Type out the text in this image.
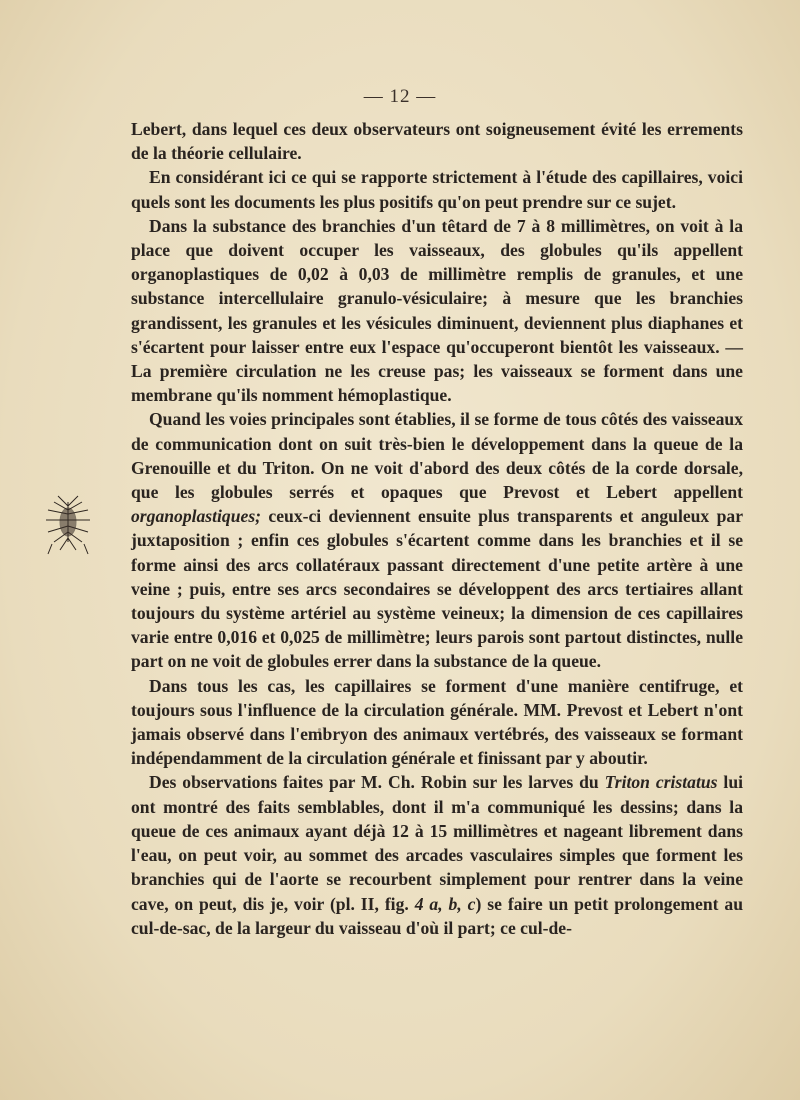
— 12 —

Lebert, dans lequel ces deux observateurs ont soigneusement évité les errements de la théorie cellulaire.

En considérant ici ce qui se rapporte strictement à l'étude des capillaires, voici quels sont les documents les plus positifs qu'on peut prendre sur ce sujet.

Dans la substance des branchies d'un têtard de 7 à 8 millimètres, on voit à la place que doivent occuper les vaisseaux, des globules qu'ils appellent organoplastiques de 0,02 à 0,03 de millimètre remplis de granules, et une substance intercellulaire granulo-vésiculaire; à mesure que les branchies grandissent, les granules et les vésicules diminuent, deviennent plus diaphanes et s'écartent pour laisser entre eux l'espace qu'occuperont bientôt les vaisseaux. — La première circulation ne les creuse pas; les vaisseaux se forment dans une membrane qu'ils nomment hémoplastique.

Quand les voies principales sont établies, il se forme de tous côtés des vaisseaux de communication dont on suit très-bien le développement dans la queue de la Grenouille et du Triton. On ne voit d'abord des deux côtés de la corde dorsale, que les globules serrés et opaques que Prevost et Lebert appellent organoplastiques; ceux-ci deviennent ensuite plus transparents et anguleux par juxtaposition ; enfin ces globules s'écartent comme dans les branchies et il se forme ainsi des arcs collatéraux passant directement d'une petite artère à une veine ; puis, entre ses arcs secondaires se développent des arcs tertiaires allant toujours du système artériel au système veineux; la dimension de ces capillaires varie entre 0,016 et 0,025 de millimètre; leurs parois sont partout distinctes, nulle part on ne voit de globules errer dans la substance de la queue.

Dans tous les cas, les capillaires se forment d'une manière centifruge, et toujours sous l'influence de la circulation générale. MM. Prevost et Lebert n'ont jamais observé dans l'embryon des animaux vertébrés, des vaisseaux se formant indépendamment de la circulation générale et finissant par y aboutir.

Des observations faites par M. Ch. Robin sur les larves du Triton cristatus lui ont montré des faits semblables, dont il m'a communiqué les dessins; dans la queue de ces animaux ayant déjà 12 à 15 millimètres et nageant librement dans l'eau, on peut voir, au sommet des arcades vasculaires simples que forment les branchies qui de l'aorte se recourbent simplement pour rentrer dans la veine cave, on peut, dis je, voir (pl. II, fig. 4 a, b, c) se faire un petit prolongement au cul-de-sac, de la largeur du vaisseau d'où il part; ce cul-de-
